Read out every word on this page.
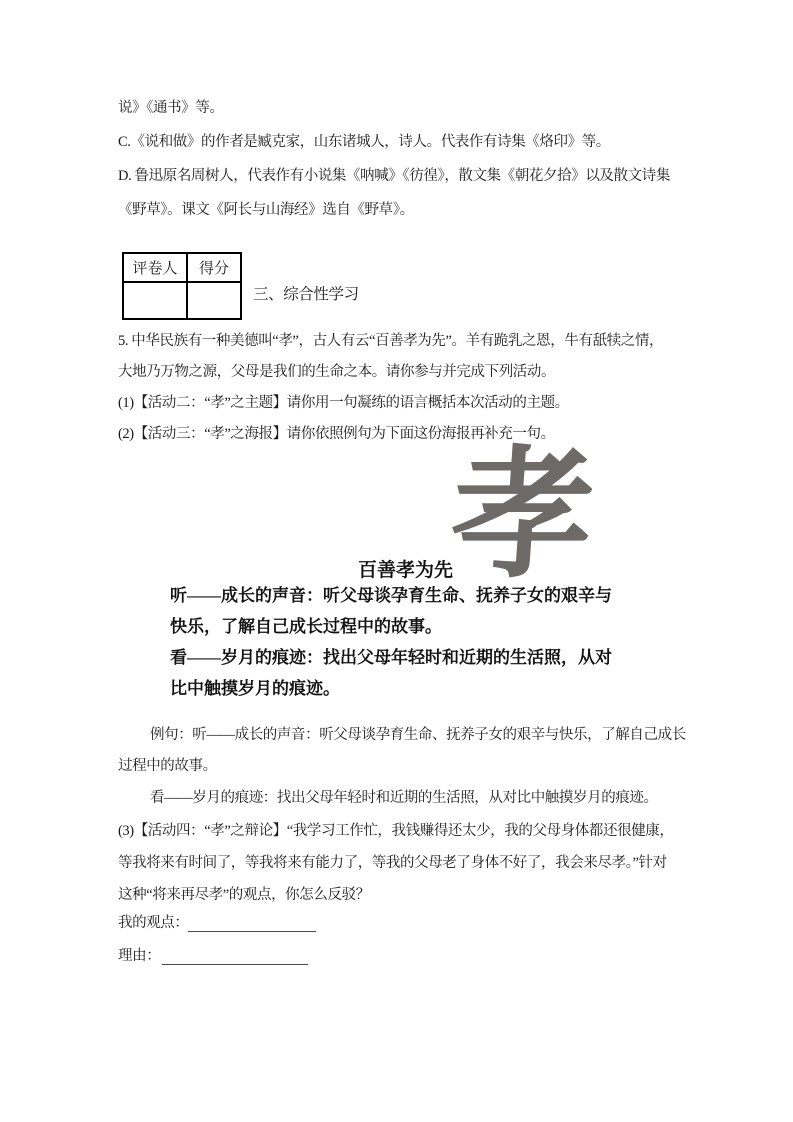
说》《通书》等。
C.《说和做》的作者是臧克家，山东诸城人，诗人。代表作有诗集《烙印》等。
D. 鲁迅原名周树人，代表作有小说集《呐喊》《彷徨》，散文集《朝花夕拾》以及散文诗集
《野草》。课文《阿长与山海经》选自《野草》。
评卷人	得分

三、综合性学习
5. 中华民族有一种美德叫“孝”，古人有云“百善孝为先”。羊有跪乳之恩，牛有舐犊之情，
大地乃万物之源，父母是我们的生命之本。请你参与并完成下列活动。
(1)【活动二：“孝”之主题】请你用一句凝练的语言概括本次活动的主题。
(2)【活动三：“孝”之海报】请你依照例句为下面这份海报再补充一句。
孝
百善孝为先
听——成长的声音：听父母谈孕育生命、抚养子女的艰辛与
快乐，了解自己成长过程中的故事。
看——岁月的痕迹：找出父母年轻时和近期的生活照，从对
比中触摸岁月的痕迹。
例句：听——成长的声音：听父母谈孕育生命、抚养子女的艰辛与快乐，了解自己成长
过程中的故事。
看——岁月的痕迹：找出父母年轻时和近期的生活照，从对比中触摸岁月的痕迹。
(3)【活动四：“孝”之辩论】“我学习工作忙，我钱赚得还太少，我的父母身体都还很健康，
等我将来有时间了，等我将来有能力了，等我的父母老了身体不好了，我会来尽孝。”针对
这种“将来再尽孝”的观点，你怎么反驳？
我的观点：
理由：
